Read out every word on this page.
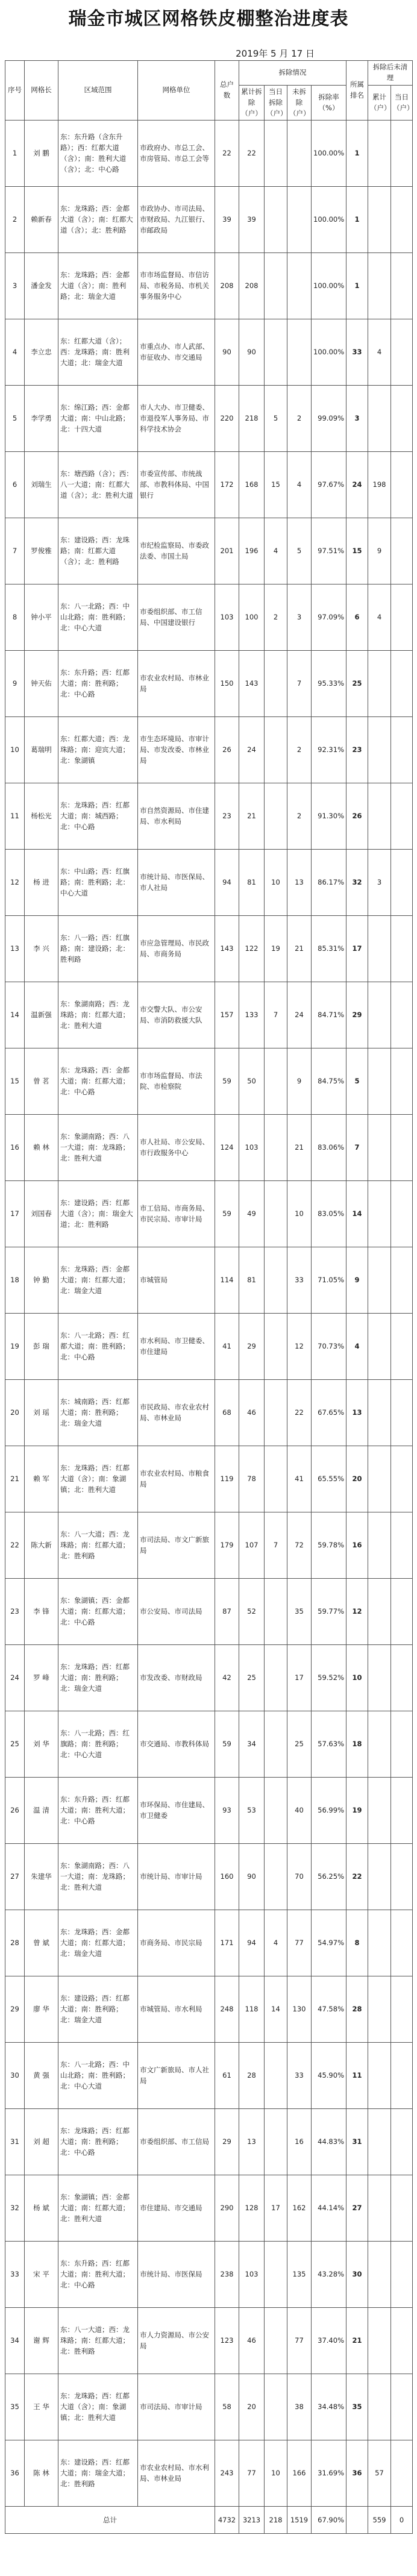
瑞金市城区网格铁皮棚整治进度表
2019年 5 月 17 日
序号	网格长	区域范围	网格单位	总户数	拆除情况				所属排名	拆除后未清理	
					累计拆除（户）	当日拆除（户）	未拆除（户）	拆除率（%）		累计（户）	当日（户）
1	刘 鹏	东：东升路（含东升路）；西：红都大道（含）；南：胜利大道（含）；北：中心路	市政府办、市总工会、市房管局、市总工会等	22	22			100.00%	1		
2	赖新春	东：龙珠路；西：金都大道（含）；南：红都大道（含）；北：胜利路	市政协办、市司法局、市财政局、九江银行、市邮政局	39	39			100.00%	1		
3	潘金发	东：龙珠路；西：金都大道（含）；南：胜利路；北：瑞金大道	市市场监督局、市信访局、市税务局、市机关事务服务中心	208	208			100.00%	1		
4	李立忠	东：红都大道（含）；西：龙珠路；南：胜利大道；北：瑞金大道	市重点办、市人武部、市征收办、市交通局	90	90			100.00%	33	4	
5	李学勇	东：绵江路；西：金都大道；南：中山北路；北：十四大道	市人大办、市卫健委、市退役军人事务局、市科学技术协会	220	218	5	2	99.09%	3		
6	刘瑞生	东：塘西路（含）；西：八一大道；南：红都大道（含）；北：胜利大道	市委宣传部、市统战部、市教科体局、中国银行	172	168	15	4	97.67%	24	198	
7	罗俊雅	东：建设路；西：龙珠路；南：红都大道（含）；北：胜利路	市纪检监察局、市委政法委、市国土局	201	196	4	5	97.51%	15	9	
8	钟小平	东：八一北路；西：中山北路；南：胜利路；北：中心大道	市委组织部、市工信局、中国建设银行	103	100	2	3	97.09%	6	4	
9	钟天佑	东：东升路；西：红都大道；南：胜利路；北：中心路	市农业农村局、市林业局	150	143		7	95.33%	25		
10	葛瑞明	东：红都大道；西：龙珠路；南：迎宾大道；北：象湖镇	市生态环境局、市审计局、市发改委、市林业局	26	24		2	92.31%	23		
11	杨松光	东：龙珠路；西：红都大道；南：城西路；北：中心路	市自然资源局、市住建局、市水利局	23	21		2	91.30%	26		
12	杨 进	东：中山路；西：红旗路；南：胜利路；北：中心大道	市统计局、市医保局、市人社局	94	81	10	13	86.17%	32	3	
13	李 兴	东：八一路；西：红旗路；南：建设路；北：胜利路	市应急管理局、市民政局、市商务局	143	122	19	21	85.31%	17		
14	温新强	东：象湖南路；西：龙珠路；南：红都大道；北：胜利大道	市交警大队、市公安局、市消防救援大队	157	133	7	24	84.71%	29		
15	曾 茗	东：龙珠路；西：金都大道；南：红都大道；北：中心路	市市场监督局、市法院、市检察院	59	50		9	84.75%	5		
16	赖 林	东：象湖南路；西：八一大道；南：龙珠路；北：胜利大道	市人社局、市公安局、市行政服务中心	124	103		21	83.06%	7		
17	刘国春	东：建设路；西：红都大道（含）；南：瑞金大道；北：胜利路	市工信局、市商务局、市民宗局、市审计局	59	49		10	83.05%	14		
18	钟 勤	东：龙珠路；西：金都大道；南：红都大道；北：瑞金大道	市城管局	114	81		33	71.05%	9		
19	彭 瑞	东：八一北路；西：红都大道；南：胜利路；北：中心路	市水利局、市卫健委、市住建局	41	29		12	70.73%	4		
20	刘 瑶	东：城南路；西：红都大道；南：胜利路；北：瑞金大道	市民政局、市农业农村局、市林业局	68	46		22	67.65%	13		
21	赖 军	东：龙珠路；西：红都大道（含）；南：象湖镇；北：胜利大道	市农业农村局、市粮食局	119	78		41	65.55%	20		
22	陈大新	东：八一大道；西：龙珠路；南：红都大道；北：胜利路	市司法局、市文广新旅局	179	107	7	72	59.78%	16		
23	李 锋	东：象湖镇；西：金都大道；南：红都大道；北：中心路	市公安局、市司法局	87	52		35	59.77%	12		
24	罗 峰	东：龙珠路；西：红都大道；南：胜利路；北：瑞金大道	市发改委、市财政局	42	25		17	59.52%	10		
25	刘 华	东：八一北路；西：红旗路；南：胜利路；北：中心大道	市交通局、市教科体局	59	34		25	57.63%	18		
26	温 清	东：东升路；西：红都大道；南：胜利大道；北：中心路	市环保局、市住建局、市卫健委	93	53		40	56.99%	19		
27	朱建华	东：象湖南路；西：八一大道；南：龙珠路；北：胜利大道	市统计局、市审计局	160	90		70	56.25%	22		
28	曾 斌	东：龙珠路；西：金都大道；南：红都大道；北：瑞金大道	市商务局、市民宗局	171	94	4	77	54.97%	8		
29	廖 华	东：建设路；西：红都大道；南：胜利路；北：瑞金大道	市城管局、市水利局	248	118	14	130	47.58%	28		
30	黄 强	东：八一北路；西：中山北路；南：胜利路；北：中心大道	市文广新旅局、市人社局	61	28		33	45.90%	11		
31	刘 超	东：龙珠路；西：红都大道；南：胜利路；北：中心路	市委组织部、市工信局	29	13		16	44.83%	31		
32	杨 斌	东：象湖镇；西：金都大道；南：红都大道；北：胜利大道	市住建局、市交通局	290	128	17	162	44.14%	27		
33	宋 平	东：东升路；西：红都大道；南：胜利大道；北：中心路	市统计局、市医保局	238	103		135	43.28%	30		
34	谢 辉	东：八一大道；西：龙珠路；南：红都大道；北：胜利路	市人力资源局、市公安局	123	46		77	37.40%	21		
35	王 华	东：龙珠路；西：红都大道（含）；南：象湖镇；北：胜利大道	市司法局、市审计局	58	20		38	34.48%	35		
36	陈 林	东：建设路；西：红都大道；南：瑞金大道；北：胜利路	市农业农村局、市水利局、市林业局	243	77	10	166	31.69%	36	57	
总计				4732	3213	218	1519	67.90%		559	0
